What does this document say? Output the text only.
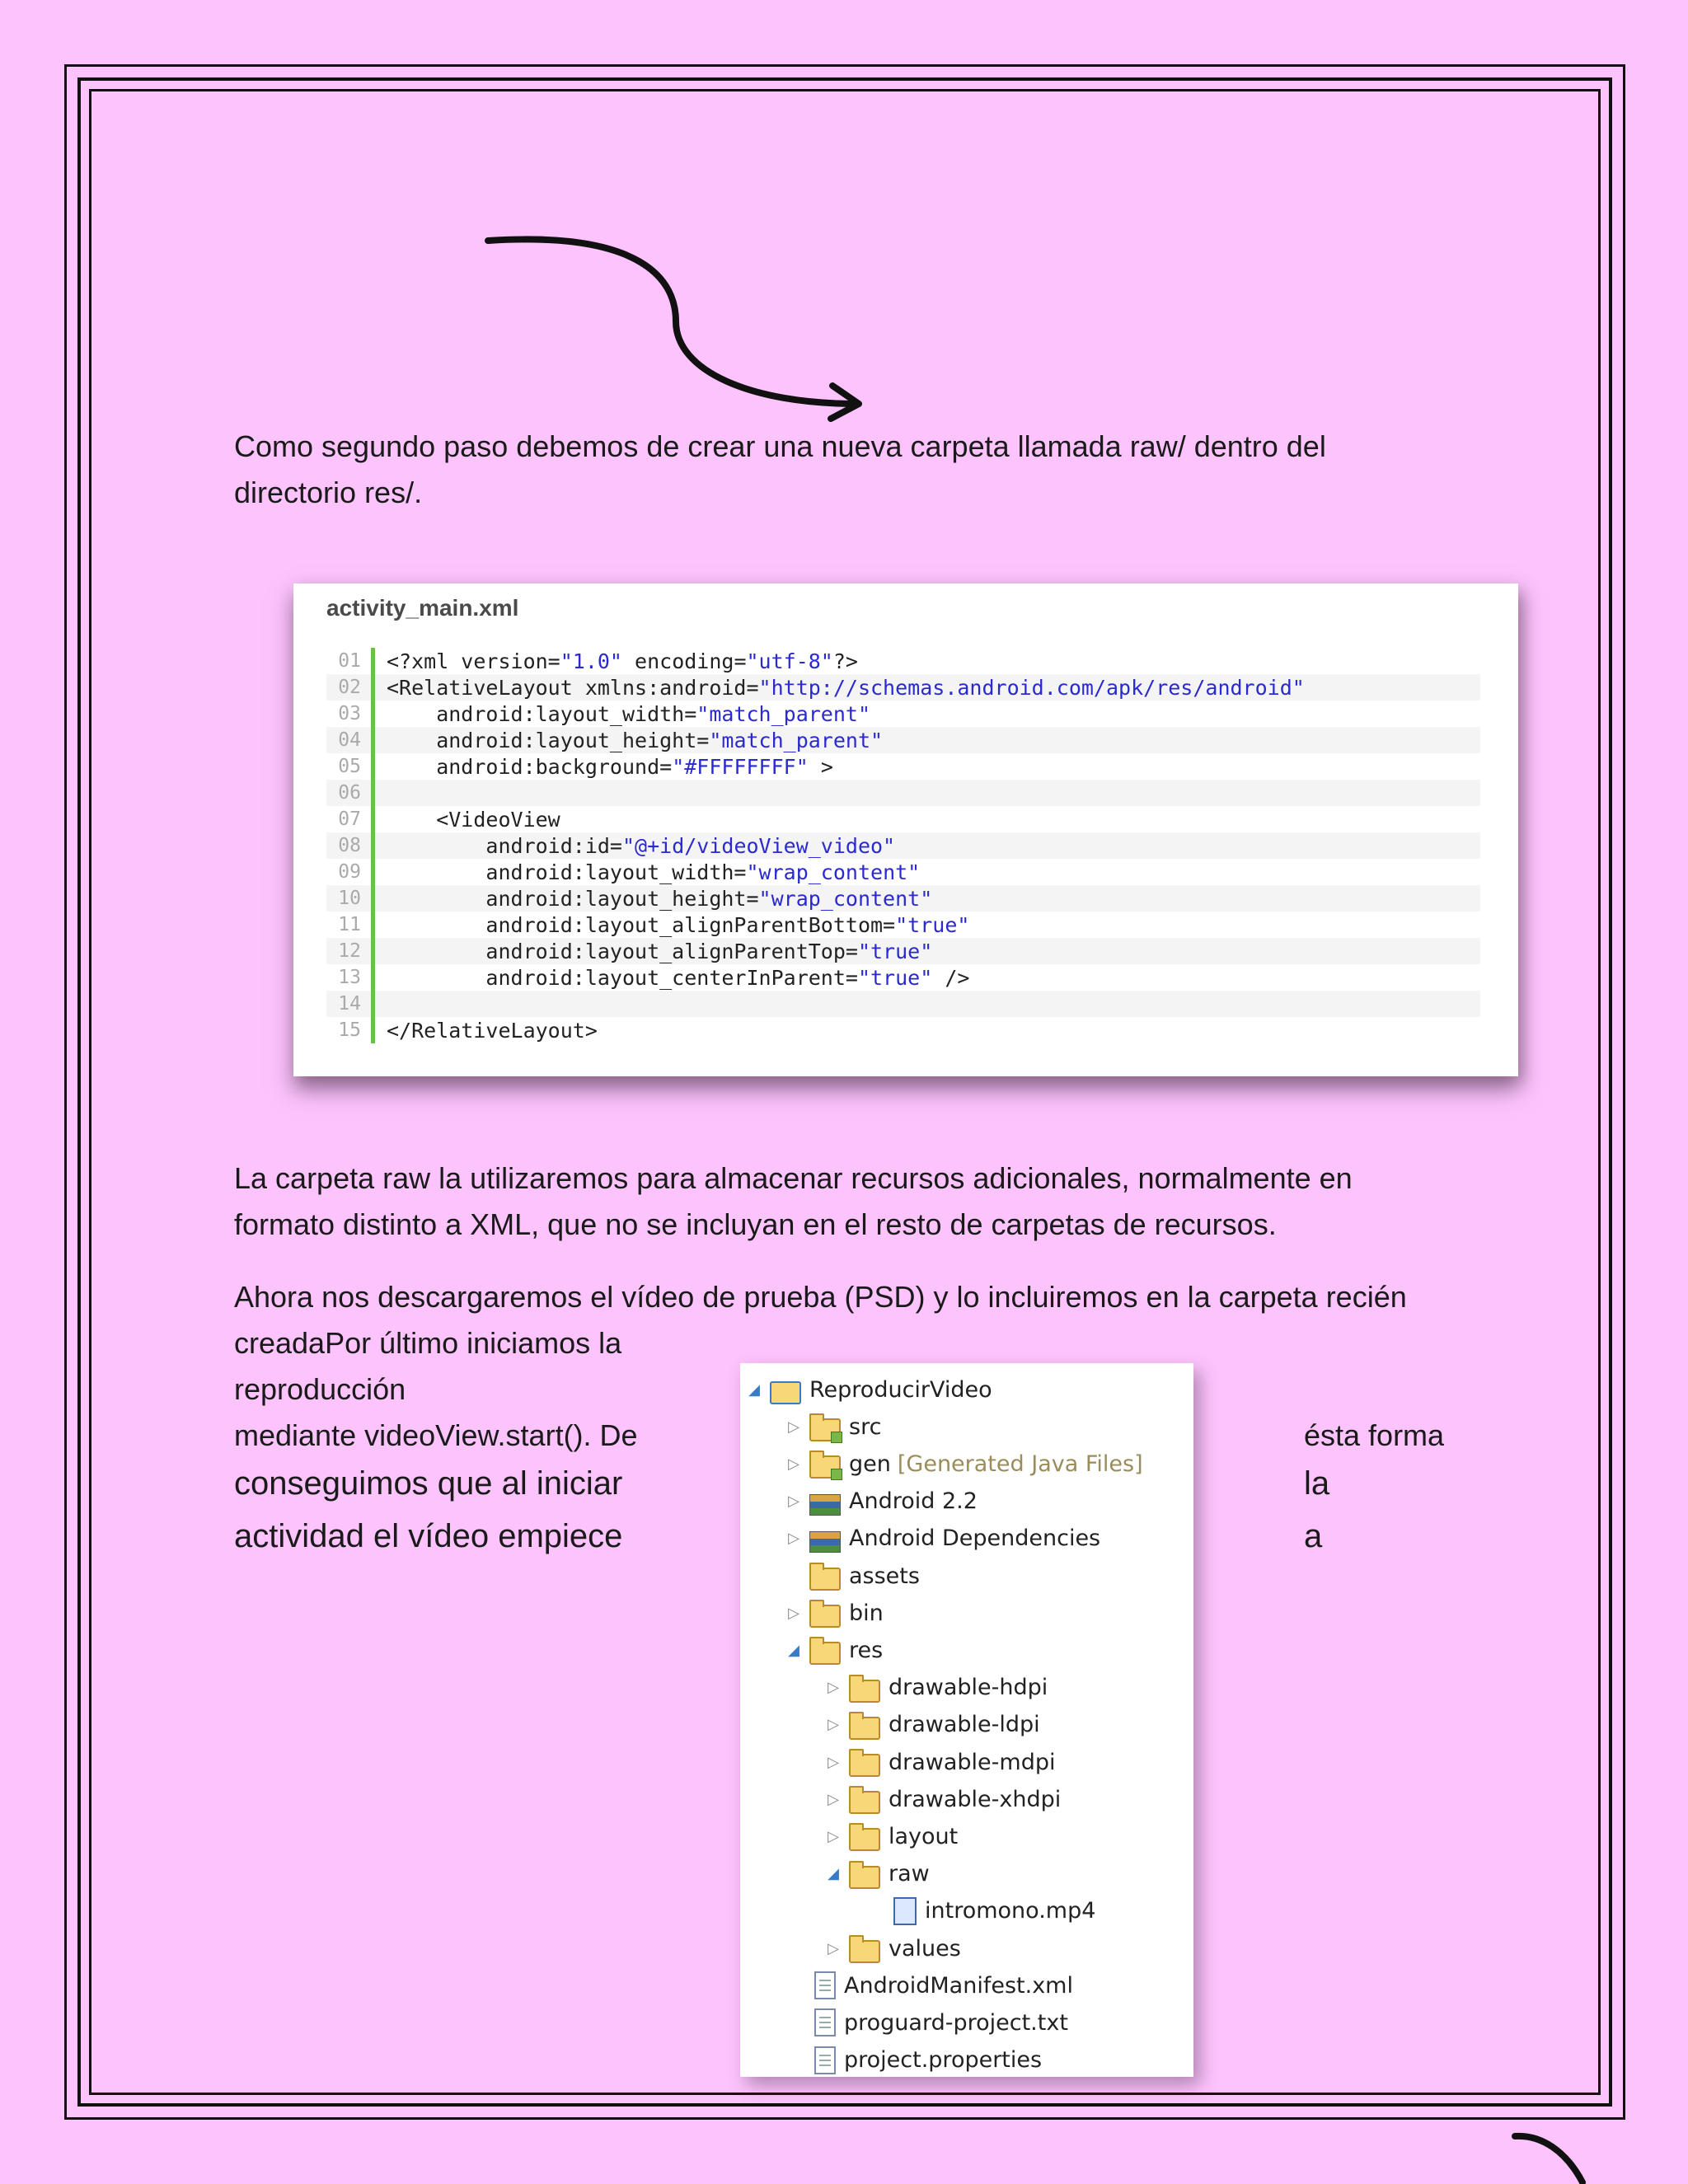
Como segundo paso debemos de crear una nueva carpeta llamada raw/ dentro del

directorio res/.

activity_main.xml
01	<?xml version="1.0" encoding="utf-8"?>
02	<RelativeLayout xmlns:android="http://schemas.android.com/apk/res/android"
03	android:layout_width="match_parent"
04	android:layout_height="match_parent"
05	android:background="#FFFFFFFF" >
06
07	<VideoView
08	android:id="@+id/videoView_video"
09	android:layout_width="wrap_content"
10	android:layout_height="wrap_content"
11	android:layout_alignParentBottom="true"
12	android:layout_alignParentTop="true"
13	android:layout_centerInParent="true" />
14
15	</RelativeLayout>

La carpeta raw la utilizaremos para almacenar recursos adicionales, normalmente en

formato distinto a XML, que no se incluyan en el resto de carpetas de recursos.

Ahora nos descargaremos el vídeo de prueba (PSD) y lo incluiremos en la carpeta recién

creadaPor último iniciamos la

reproducción

mediante videoView.start(). De	ésta forma

conseguimos que al iniciar	la

actividad el vídeo empiece	a

◢ ReproducirVideo
▷ src
▷ gen [Generated Java Files]
▷ Android 2.2
▷ Android Dependencies
assets
▷ bin
◢ res
▷ drawable-hdpi
▷ drawable-ldpi
▷ drawable-mdpi
▷ drawable-xhdpi
▷ layout
◢ raw
intromono.mp4
▷ values
AndroidManifest.xml
proguard-project.txt
project.properties
